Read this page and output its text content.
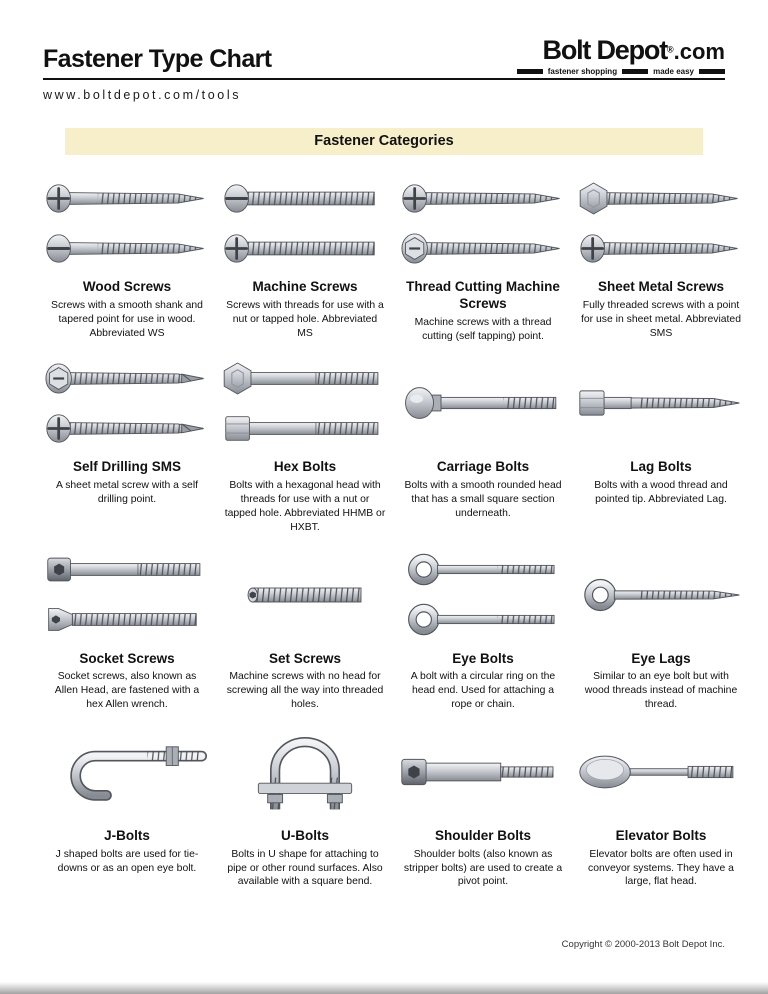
Fastener Type Chart	Bolt Depot®.com
fastener shopping	made easy
www.boltdepot.com/tools
Fastener Categories
Wood Screws
Screws with a smooth shank and tapered point for use in wood. Abbreviated WS
Machine Screws
Screws with threads for use with a nut or tapped hole. Abbreviated MS
Thread Cutting Machine Screws
Machine screws with a thread cutting (self tapping) point.
Sheet Metal Screws
Fully threaded screws with a point for use in sheet metal. Abbreviated SMS
Self Drilling SMS
A sheet metal screw with a self drilling point.
Hex Bolts
Bolts with a hexagonal head with threads for use with a nut or tapped hole. Abbreviated HHMB or HXBT.
Carriage Bolts
Bolts with a smooth rounded head that has a small square section underneath.
Lag Bolts
Bolts with a wood thread and pointed tip. Abbreviated Lag.
Socket Screws
Socket screws, also known as Allen Head, are fastened with a hex Allen wrench.
Set Screws
Machine screws with no head for screwing all the way into threaded holes.
Eye Bolts
A bolt with a circular ring on the head end. Used for attaching a rope or chain.
Eye Lags
Similar to an eye bolt but with wood threads instead of machine thread.
J-Bolts
J shaped bolts are used for tie-downs or as an open eye bolt.
U-Bolts
Bolts in U shape for attaching to pipe or other round surfaces. Also available with a square bend.
Shoulder Bolts
Shoulder bolts (also known as stripper bolts) are used to create a pivot point.
Elevator Bolts
Elevator bolts are often used in conveyor systems. They have a large, flat head.
Copyright © 2000-2013 Bolt Depot Inc.
